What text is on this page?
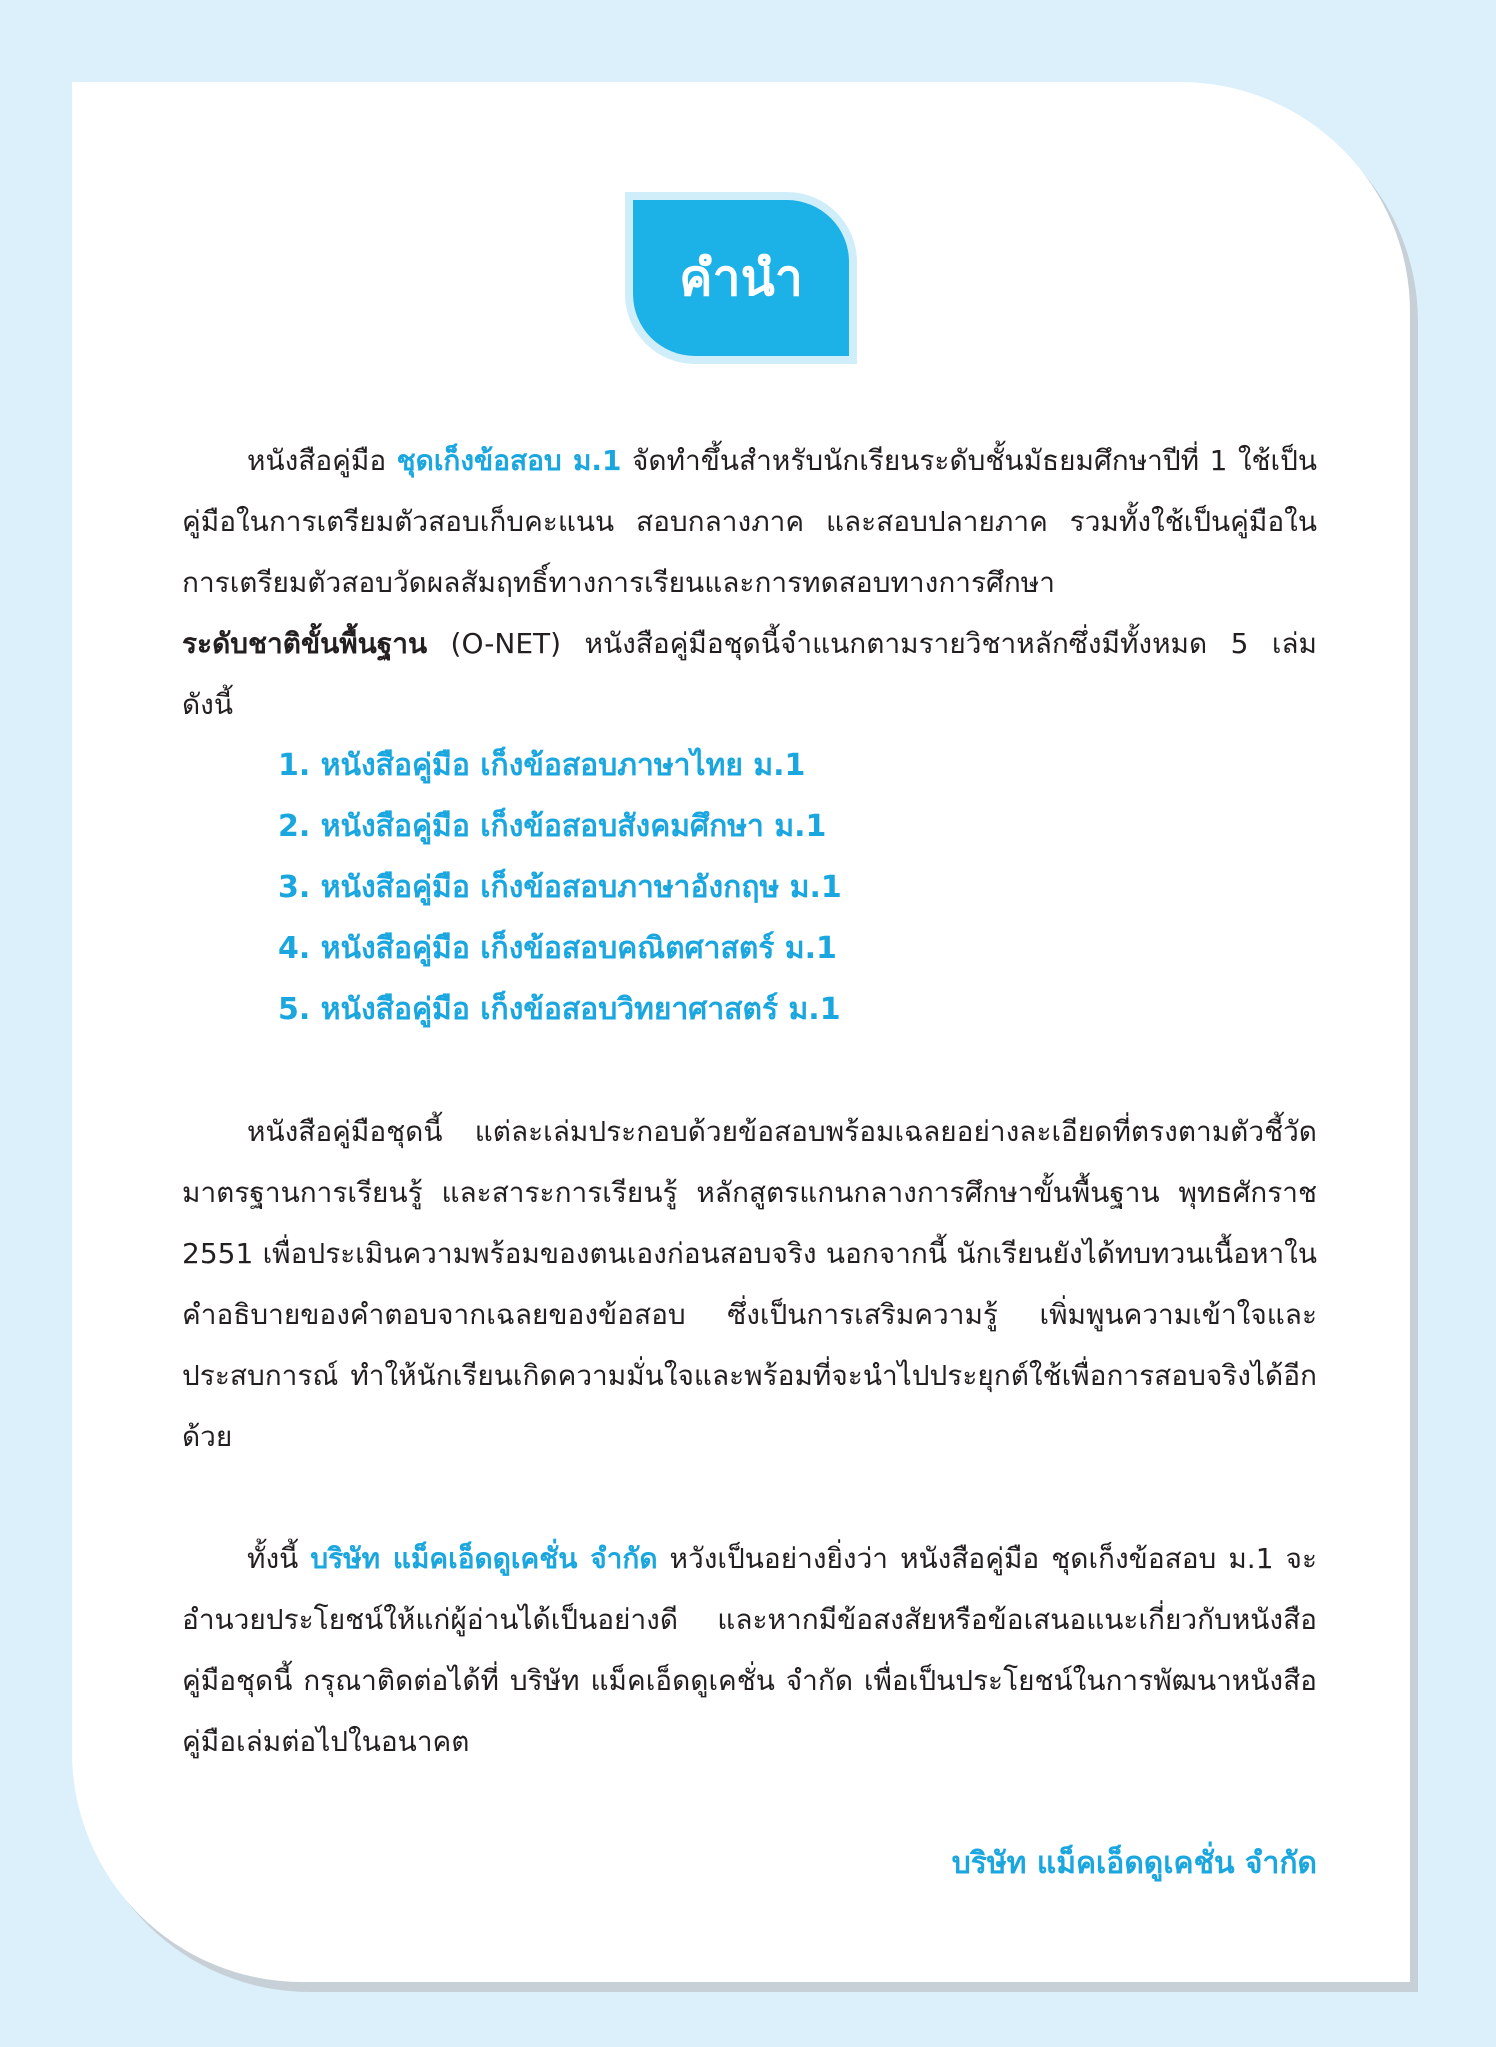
คำนำ

หนังสือคู่มือ ชุดเก็งข้อสอบ ม.1 จัดทำขึ้นสำหรับนักเรียนระดับชั้นมัธยมศึกษาปีที่ 1 ใช้เป็นคู่มือในการเตรียมตัวสอบเก็บคะแนน สอบกลางภาค และสอบปลายภาค รวมทั้งใช้เป็นคู่มือในการเตรียมตัวสอบวัดผลสัมฤทธิ์ทางการเรียนและการทดสอบทางการศึกษา
ระดับชาติขั้นพื้นฐาน (O-NET) หนังสือคู่มือชุดนี้จำแนกตามรายวิชาหลักซึ่งมีทั้งหมด 5 เล่ม ดังนี้

1. หนังสือคู่มือ เก็งข้อสอบภาษาไทย ม.1
2. หนังสือคู่มือ เก็งข้อสอบสังคมศึกษา ม.1
3. หนังสือคู่มือ เก็งข้อสอบภาษาอังกฤษ ม.1
4. หนังสือคู่มือ เก็งข้อสอบคณิตศาสตร์ ม.1
5. หนังสือคู่มือ เก็งข้อสอบวิทยาศาสตร์ ม.1

หนังสือคู่มือชุดนี้ แต่ละเล่มประกอบด้วยข้อสอบพร้อมเฉลยอย่างละเอียดที่ตรงตามตัวชี้วัด มาตรฐานการเรียนรู้ และสาระการเรียนรู้ หลักสูตรแกนกลางการศึกษาขั้นพื้นฐาน พุทธศักราช 2551 เพื่อประเมินความพร้อมของตนเองก่อนสอบจริง นอกจากนี้ นักเรียนยังได้ทบทวนเนื้อหาในคำอธิบายของคำตอบจากเฉลยของข้อสอบ ซึ่งเป็นการเสริมความรู้ เพิ่มพูนความเข้าใจและประสบการณ์ ทำให้นักเรียนเกิดความมั่นใจและพร้อมที่จะนำไปประยุกต์ใช้เพื่อการสอบจริงได้อีกด้วย

ทั้งนี้ บริษัท แม็คเอ็ดดูเคชั่น จำกัด หวังเป็นอย่างยิ่งว่า หนังสือคู่มือ ชุดเก็งข้อสอบ ม.1 จะอำนวยประโยชน์ให้แก่ผู้อ่านได้เป็นอย่างดี และหากมีข้อสงสัยหรือข้อเสนอแนะเกี่ยวกับหนังสือคู่มือชุดนี้ กรุณาติดต่อได้ที่ บริษัท แม็คเอ็ดดูเคชั่น จำกัด เพื่อเป็นประโยชน์ในการพัฒนาหนังสือคู่มือเล่มต่อไปในอนาคต

บริษัท แม็คเอ็ดดูเคชั่น จำกัด
